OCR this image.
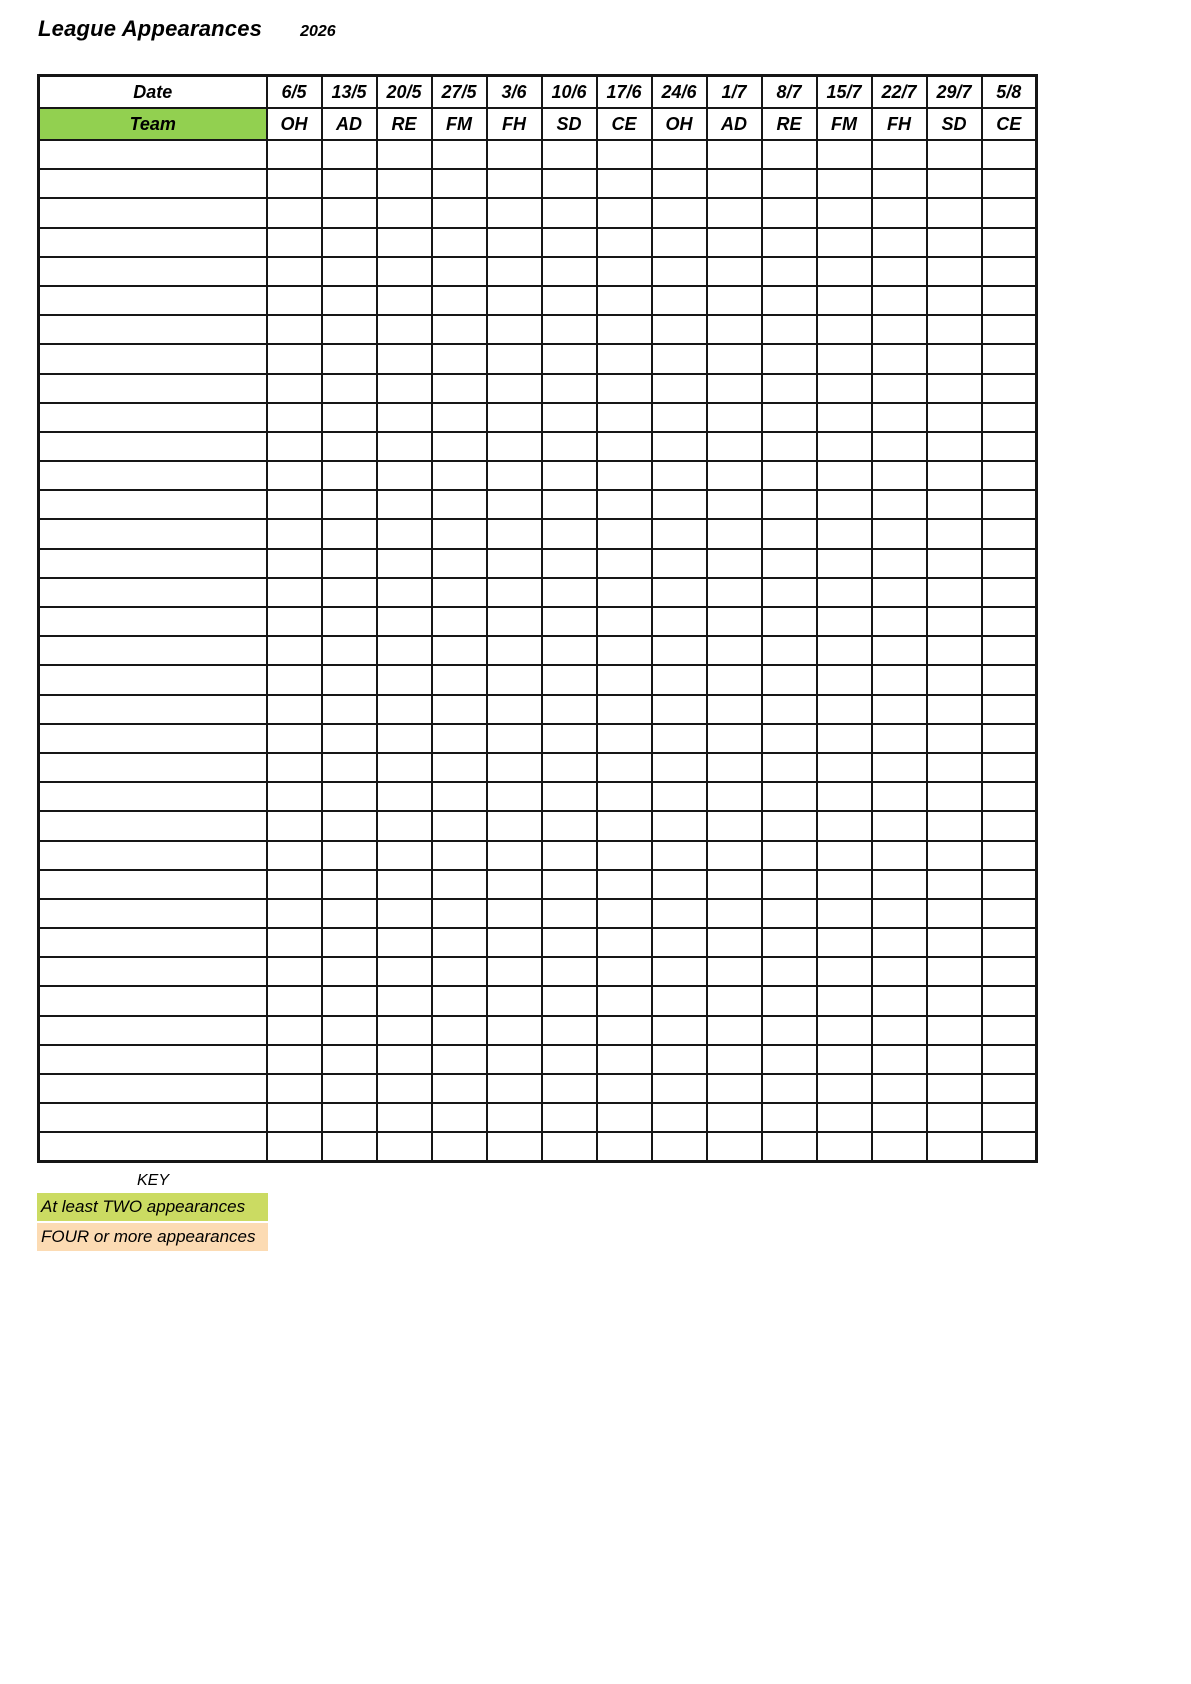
League Appearances 2026
Date	6/5	13/5	20/5	27/5	3/6	10/6	17/6	24/6	1/7	8/7	15/7	22/7	29/7	5/8
Team	OH	AD	RE	FM	FH	SD	CE	OH	AD	RE	FM	FH	SD	CE

KEY
At least TWO appearances
FOUR or more appearances
